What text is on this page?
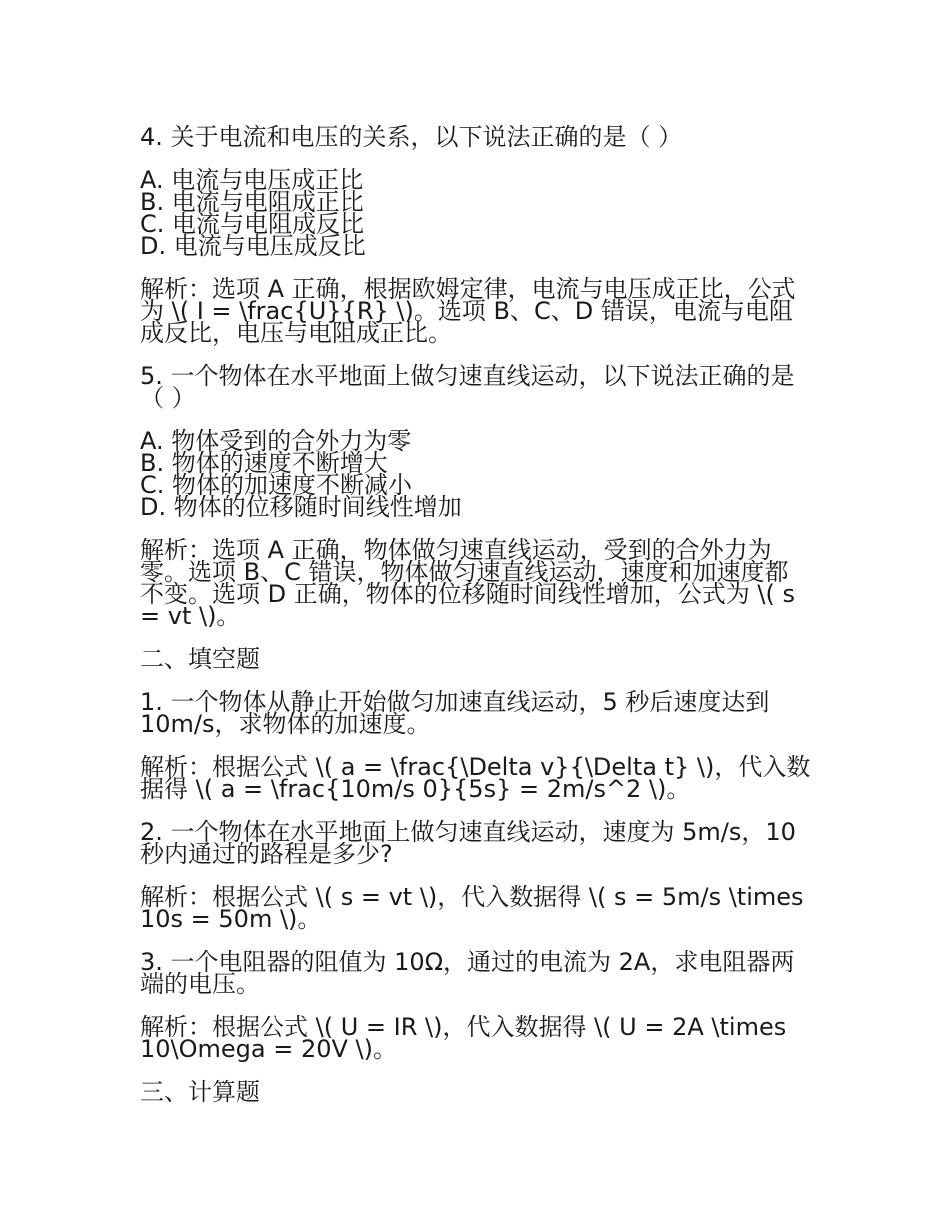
4. 关于电流和电压的关系，以下说法正确的是（ ）

A. 电流与电压成正比

B. 电流与电阻成正比

C. 电流与电阻成反比

D. 电流与电压成反比

解析：选项 A 正确，根据欧姆定律，电流与电压成正比，公式为 \( I = \frac{U}{R} \)。选项 B、C、D 错误，电流与电阻成反比，电压与电阻成正比。

5. 一个物体在水平地面上做匀速直线运动，以下说法正确的是（ ）

A. 物体受到的合外力为零

B. 物体的速度不断增大

C. 物体的加速度不断减小

D. 物体的位移随时间线性增加

解析：选项 A 正确，物体做匀速直线运动，受到的合外力为零。选项 B、C 错误，物体做匀速直线运动，速度和加速度都不变。选项 D 正确，物体的位移随时间线性增加，公式为 \( s = vt \)。

二、填空题

1. 一个物体从静止开始做匀加速直线运动，5 秒后速度达到 10m/s，求物体的加速度。

解析：根据公式 \( a = \frac{\Delta v}{\Delta t} \)，代入数据得 \( a = \frac{10m/s 0}{5s} = 2m/s^2 \)。

2. 一个物体在水平地面上做匀速直线运动，速度为 5m/s，10 秒内通过的路程是多少?

解析：根据公式 \( s = vt \)，代入数据得 \( s = 5m/s \times 10s = 50m \)。

3. 一个电阻器的阻值为 10Ω，通过的电流为 2A，求电阻器两端的电压。

解析：根据公式 \( U = IR \)，代入数据得 \( U = 2A \times 10\Omega = 20V \)。

三、计算题
